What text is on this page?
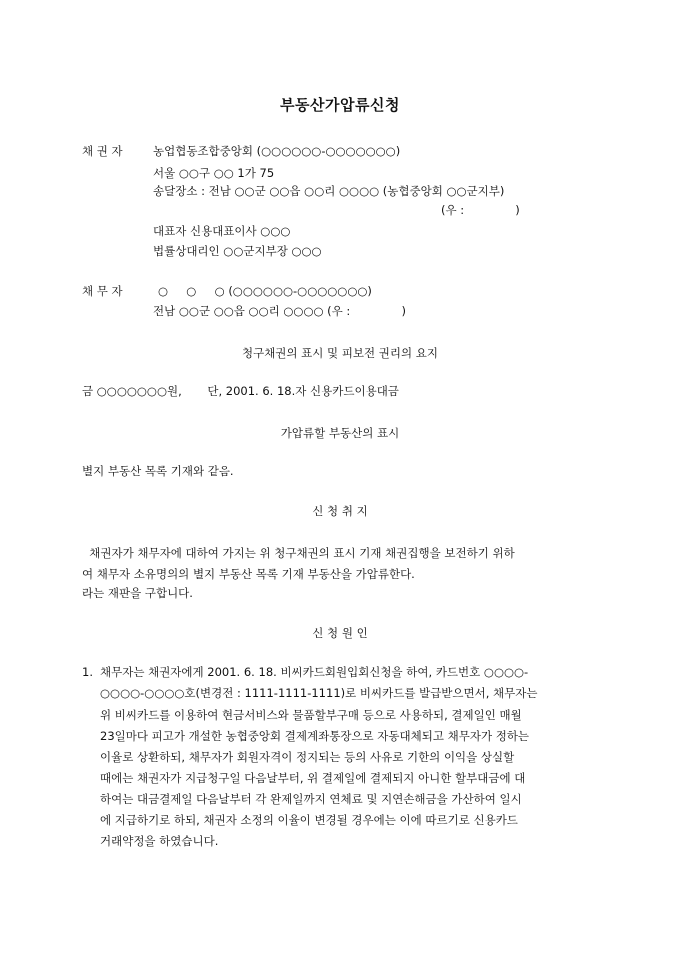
부동산가압류신청
채 권 자	농업협동조합중앙회 (○○○○○○-○○○○○○○)
서울 ○○구 ○○ 1가 75
송달장소 : 전남 ○○군 ○○읍 ○○리 ○○○○ (농협중앙회 ○○군지부)
(우 :              )
대표자 신용대표이사 ○○○
법률상대리인 ○○군지부장 ○○○
채 무 자	○     ○     ○ (○○○○○○-○○○○○○○)
전남 ○○군 ○○읍 ○○리 ○○○○ (우 :              )
청구채권의 표시 및 피보전 권리의 요지
금 ○○○○○○○원,       단, 2001. 6. 18.자 신용카드이용대금
가압류할 부동산의 표시
별지 부동산 목록 기재와 같음.
신 청 취 지
채권자가 채무자에 대하여 가지는 위 청구채권의 표시 기재 채권집행을 보전하기 위하
여 채무자 소유명의의 별지 부동산 목록 기재 부동산을 가압류한다.
라는 재판을 구합니다.
신 청 원 인
1. 채무자는 채권자에게 2001. 6. 18. 비씨카드회원입회신청을 하여, 카드번호 ○○○○-
○○○○-○○○○호(변경전 : 1111-1111-1111)로 비씨카드를 발급받으면서, 채무자는
위 비씨카드를 이용하여 현금서비스와 물품할부구매 등으로 사용하되, 결제일인 매월
23일마다 피고가 개설한 농협중앙회 결제계좌통장으로 자동대체되고 채무자가 정하는
이율로 상환하되, 채무자가 회원자격이 정지되는 등의 사유로 기한의 이익을 상실할
때에는 채권자가 지급청구일 다음날부터, 위 결제일에 결제되지 아니한 할부대금에 대
하여는 대금결제일 다음날부터 각 완제일까지 연체료 및 지연손해금을 가산하여 일시
에 지급하기로 하되, 채권자 소정의 이율이 변경될 경우에는 이에 따르기로 신용카드
거래약정을 하였습니다.
